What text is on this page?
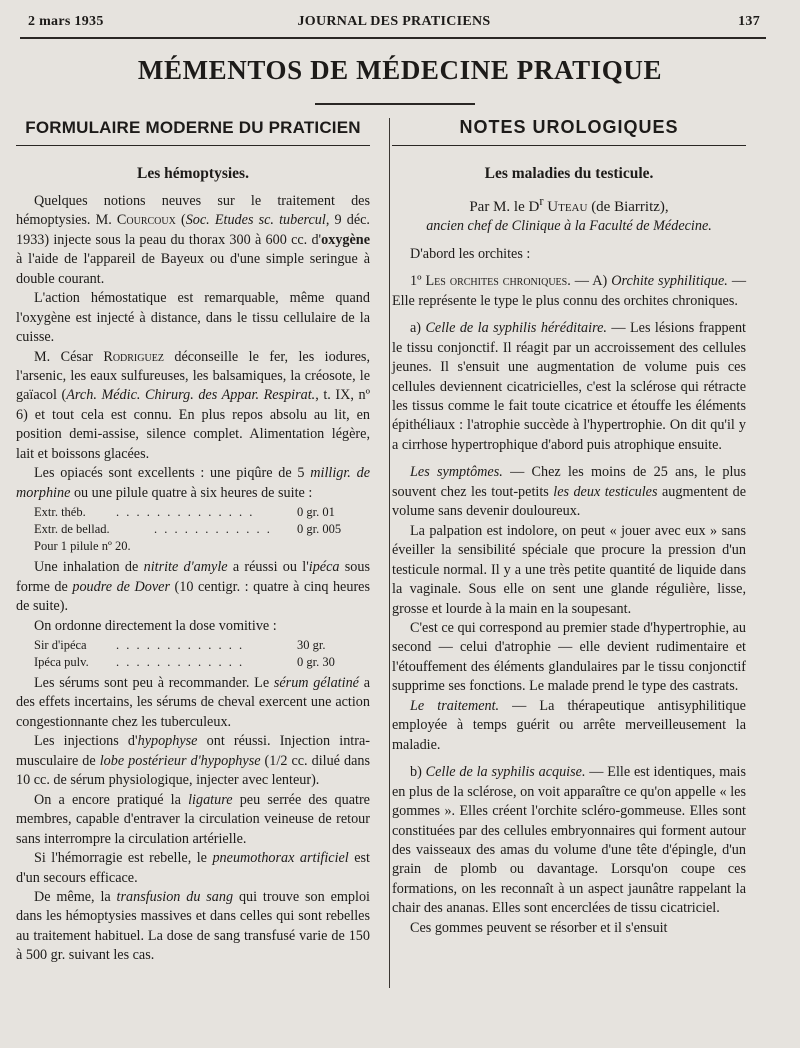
2 mars 1935	JOURNAL DES PRATICIENS	137
MÉMENTOS DE MÉDECINE PRATIQUE
FORMULAIRE MODERNE DU PRATICIEN
Les hémoptysies.

Quelques notions neuves sur le traitement des hémoptysies. M. Courcoux (Soc. Etudes sc. tubercul, 9 déc. 1933) injecte sous la peau du thorax 300 à 600 cc. d'oxygène à l'aide de l'appareil de Bayeux ou d'une simple seringue à double courant.

L'action hémostatique est remarquable, même quand l'oxygène est injecté à distance, dans le tissu cellulaire de la cuisse.

M. César Rodriguez déconseille le fer, les iodures, l'arsenic, les eaux sulfureuses, les balsamiques, la créosote, le gaïacol (Arch. Médic. Chirurg. des Appar. Respirat., t. IX, nº 6) et tout cela est connu. En plus repos absolu au lit, en position demi-assise, silence complet. Alimentation légère, lait et boissons glacées.

Les opiacés sont excellents : une piqûre de 5 milligr. de morphine ou une pilule quatre à six heures de suite :

Extr. théb. . . . . . . . . . . . . . .	0 gr. 01
Extr. de bellad.	. . . . . . . . . . . . 0 gr. 005
Pour 1 pilule nº 20.

Une inhalation de nitrite d'amyle a réussi ou l'ipéca sous forme de poudre de Dover (10 centigr. : quatre à cinq heures de suite).

On ordonne directement la dose vomitive :

Sir d'ipéca . . . . . . . . . . . . .	30 gr.
Ipéca pulv. . . . . . . . . . . . . .	0 gr. 30

Les sérums sont peu à recommander. Le sérum gélatiné a des effets incertains, les sérums de cheval exercent une action congestionnante chez les tuberculeux.

Les injections d'hypophyse ont réussi. Injection intra-musculaire de lobe postérieur d'hypophyse (1/2 cc. dilué dans 10 cc. de sérum physiologique, injecter avec lenteur).

On a encore pratiqué la ligature peu serrée des quatre membres, capable d'entraver la circulation veineuse de retour sans interrompre la circulation artérielle.

Si l'hémorragie est rebelle, le pneumothorax artificiel est d'un secours efficace.

De même, la transfusion du sang qui trouve son emploi dans les hémoptysies massives et dans celles qui sont rebelles au traitement habituel. La dose de sang transfusé varie de 150 à 500 gr. suivant les cas.

NOTES UROLOGIQUES
Les maladies du testicule.
Par M. le $D^r$ Uteau (de Biarritz),
ancien chef de Clinique à la Faculté de Médecine.

D'abord les orchites :

1º Les orchites chroniques. — A) Orchite syphilitique. — Elle représente le type le plus connu des orchites chroniques.

a) Celle de la syphilis héréditaire. — Les lésions frappent le tissu conjonctif. Il réagit par un accroissement des cellules jeunes. Il s'ensuit une augmentation de volume puis ces cellules deviennent cicatricielles, c'est la sclérose qui rétracte les tissus comme le fait toute cicatrice et étouffe les éléments épithéliaux : l'atrophie succède à l'hypertrophie. On dit qu'il y a cirrhose hypertrophique d'abord puis atrophique ensuite.

Les symptômes. — Chez les moins de 25 ans, le plus souvent chez les tout-petits les deux testicules augmentent de volume sans devenir douloureux.

La palpation est indolore, on peut « jouer avec eux » sans éveiller la sensibilité spéciale que procure la pression d'un testicule normal. Il y a une très petite quantité de liquide dans la vaginale. Sous elle on sent une glande régulière, lisse, grosse et lourde à la main en la soupesant.

C'est ce qui correspond au premier stade d'hypertrophie, au second — celui d'atrophie — elle devient rudimentaire et l'étouffement des éléments glandulaires par le tissu conjonctif supprime ses fonctions. Le malade prend le type des castrats.

Le traitement. — La thérapeutique antisyphilitique employée à temps guérit ou arrête merveilleusement la maladie.

b) Celle de la syphilis acquise. — Elle est identiques, mais en plus de la sclérose, on voit apparaître ce qu'on appelle « les gommes ». Elles créent l'orchite scléro-gommeuse. Elles sont constituées par des cellules embryonnaires qui forment autour des vaisseaux des amas du volume d'une tête d'épingle, d'un grain de plomb ou davantage. Lorsqu'on coupe ces formations, on les reconnaît à un aspect jaunâtre rappelant la chair des ananas. Elles sont encerclées de tissu cicatriciel.

Ces gommes peuvent se résorber et il s'ensuit
